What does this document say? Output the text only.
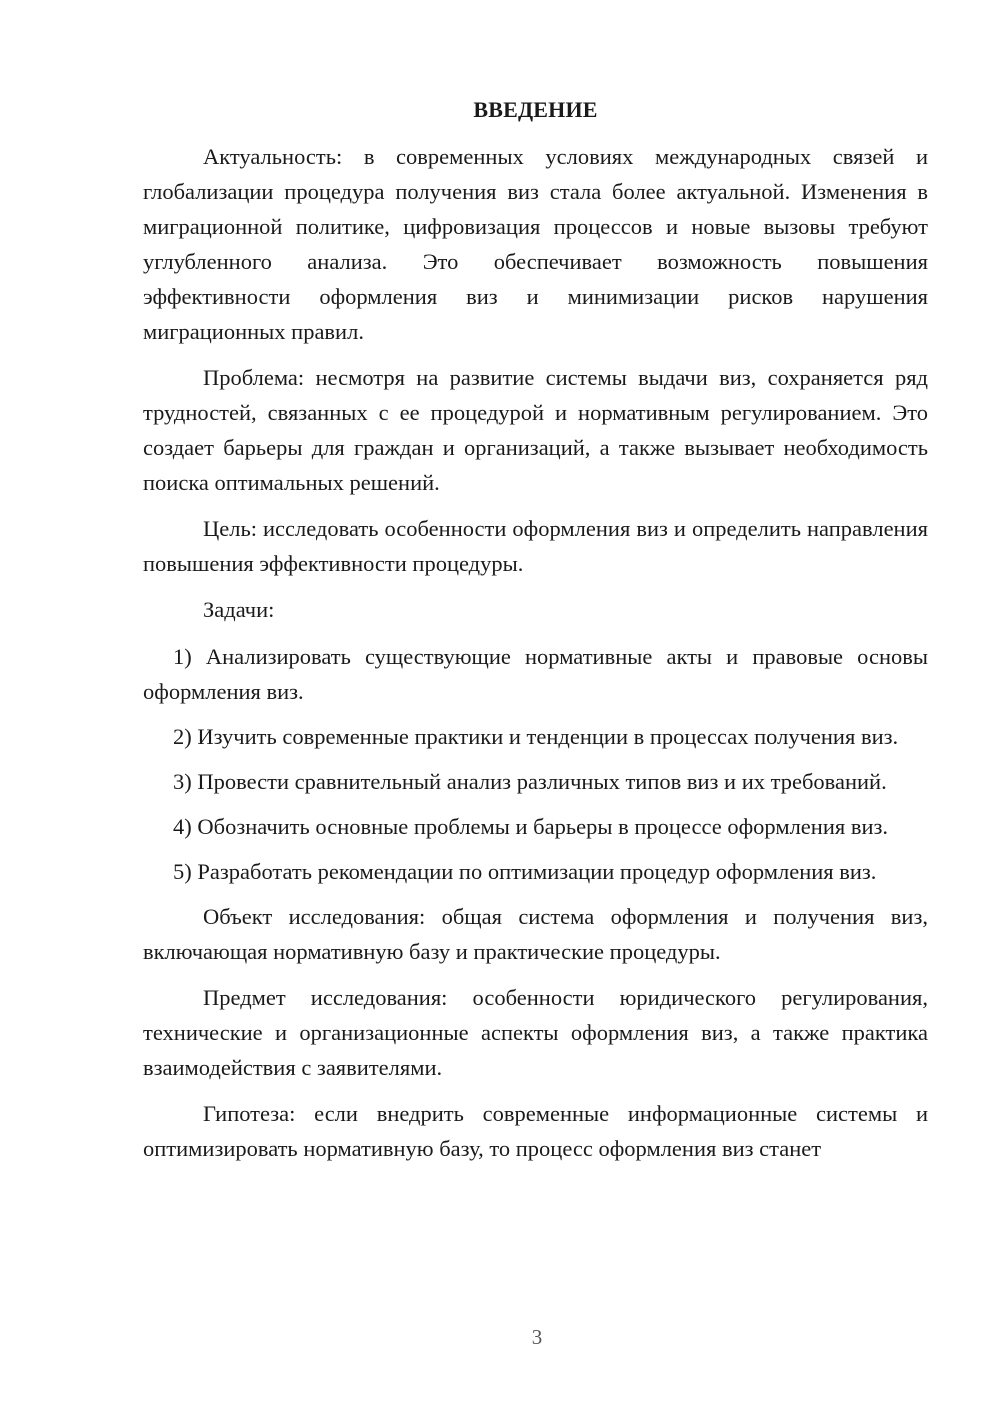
ВВЕДЕНИЕ

Актуальность: в современных условиях международных связей и глобализации процедура получения виз стала более актуальной. Изменения в миграционной политике, цифровизация процессов и новые вызовы требуют углубленного анализа. Это обеспечивает возможность повышения эффективности оформления виз и минимизации рисков нарушения миграционных правил.

Проблема: несмотря на развитие системы выдачи виз, сохраняется ряд трудностей, связанных с ее процедурой и нормативным регулированием. Это создает барьеры для граждан и организаций, а также вызывает необходимость поиска оптимальных решений.

Цель: исследовать особенности оформления виз и определить направления повышения эффективности процедуры.

Задачи:

1) Анализировать существующие нормативные акты и правовые основы оформления виз.

2) Изучить современные практики и тенденции в процессах получения виз.

3) Провести сравнительный анализ различных типов виз и их требований.

4) Обозначить основные проблемы и барьеры в процессе оформления виз.

5) Разработать рекомендации по оптимизации процедур оформления виз.

Объект исследования: общая система оформления и получения виз, включающая нормативную базу и практические процедуры.

Предмет исследования: особенности юридического регулирования, технические и организационные аспекты оформления виз, а также практика взаимодействия с заявителями.

Гипотеза: если внедрить современные информационные системы и оптимизировать нормативную базу, то процесс оформления виз станет

3
